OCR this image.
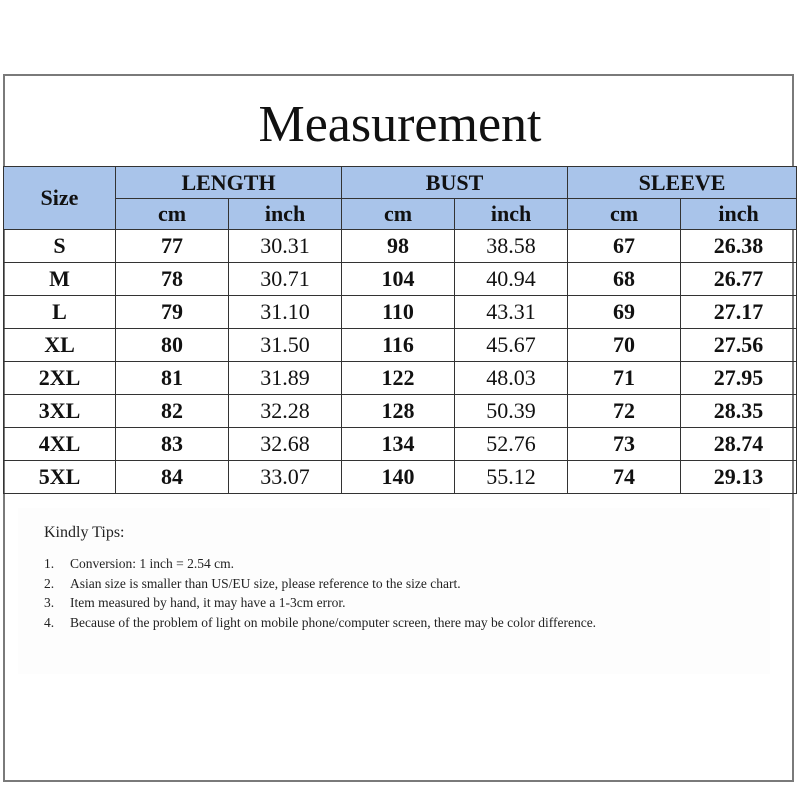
Measurement
Size	LENGTH		BUST		SLEEVE	
	cm	inch	cm	inch	cm	inch
S	77	30.31	98	38.58	67	26.38
M	78	30.71	104	40.94	68	26.77
L	79	31.10	110	43.31	69	27.17
XL	80	31.50	116	45.67	70	27.56
2XL	81	31.89	122	48.03	71	27.95
3XL	82	32.28	128	50.39	72	28.35
4XL	83	32.68	134	52.76	73	28.74
5XL	84	33.07	140	55.12	74	29.13
Kindly Tips:
1.	Conversion: 1 inch = 2.54 cm.
2.	Asian size is smaller than US/EU size, please reference to the size chart.
3.	Item measured by hand, it may have a 1-3cm error.
4.	Because of the problem of light on mobile phone/computer screen, there may be color difference.
